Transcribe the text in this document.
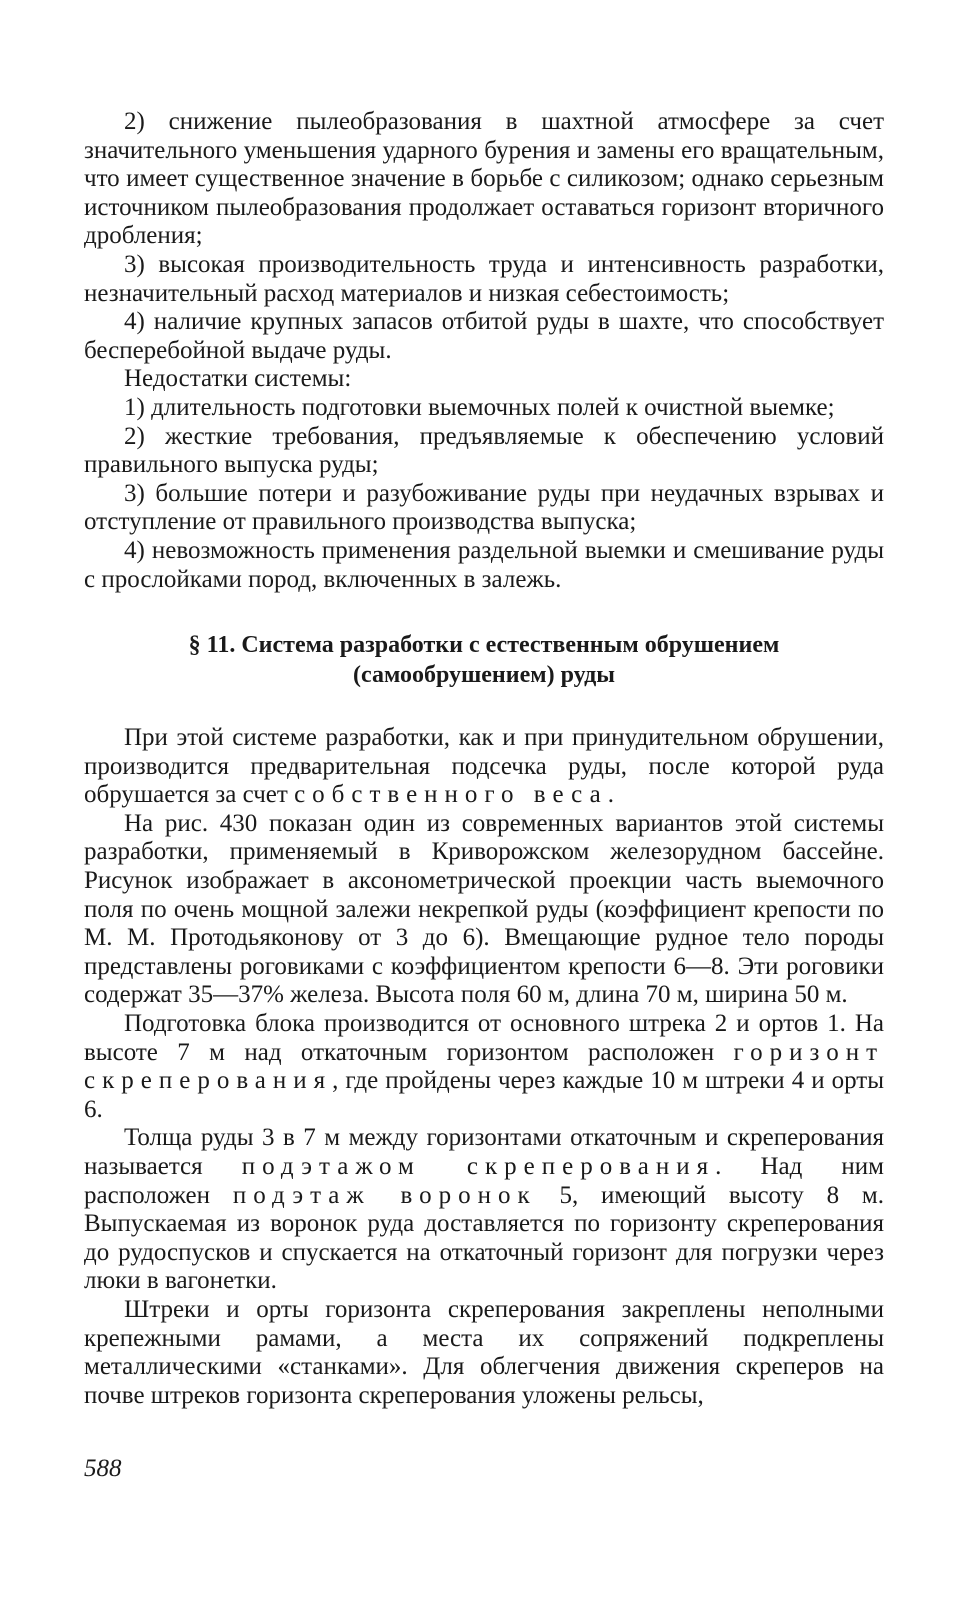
2) снижение пылеобразования в шахтной атмосфере за счет значительного уменьшения ударного бурения и замены его вращательным, что имеет существенное значение в борьбе с силикозом; однако серьезным источником пылеобразования продолжает оставаться горизонт вторичного дробления;

3) высокая производительность труда и интенсивность разработки, незначительный расход материалов и низкая себестоимость;

4) наличие крупных запасов отбитой руды в шахте, что способствует бесперебойной выдаче руды.

Недостатки системы:

1) длительность подготовки выемочных полей к очистной выемке;

2) жесткие требования, предъявляемые к обеспечению условий правильного выпуска руды;

3) большие потери и разубоживание руды при неудачных взрывах и отступление от правильного производства выпуска;

4) невозможность применения раздельной выемки и смешивание руды с прослойками пород, включенных в залежь.

§ 11. Система разработки с естественным обрушением
(самообрушением) руды

При этой системе разработки, как и при принудительном обрушении, производится предварительная подсечка руды, после которой руда обрушается за счет собственного веса.

На рис. 430 показан один из современных вариантов этой системы разработки, применяемый в Криворожском железорудном бассейне. Рисунок изображает в аксонометрической проекции часть выемочного поля по очень мощной залежи некрепкой руды (коэффициент крепости по М. М. Протодьяконову от 3 до 6). Вмещающие рудное тело породы представлены роговиками с коэффициентом крепости 6—8. Эти роговики содержат 35—37% железа. Высота поля 60 м, длина 70 м, ширина 50 м.

Подготовка блока производится от основного штрека 2 и ортов 1. На высоте 7 м над откаточным горизонтом расположен горизонт скреперования, где пройдены через каждые 10 м штреки 4 и орты 6.

Толща руды 3 в 7 м между горизонтами откаточным и скреперования называется подэтажом скреперования. Над ним расположен подэтаж воронок 5, имеющий высоту 8 м. Выпускаемая из воронок руда доставляется по горизонту скреперования до рудоспусков и спускается на откаточный горизонт для погрузки через люки в вагонетки.

Штреки и орты горизонта скреперования закреплены неполными крепежными рамами, а места их сопряжений подкреплены металлическими «станками». Для облегчения движения скреперов на почве штреков горизонта скреперования уложены рельсы,

588
